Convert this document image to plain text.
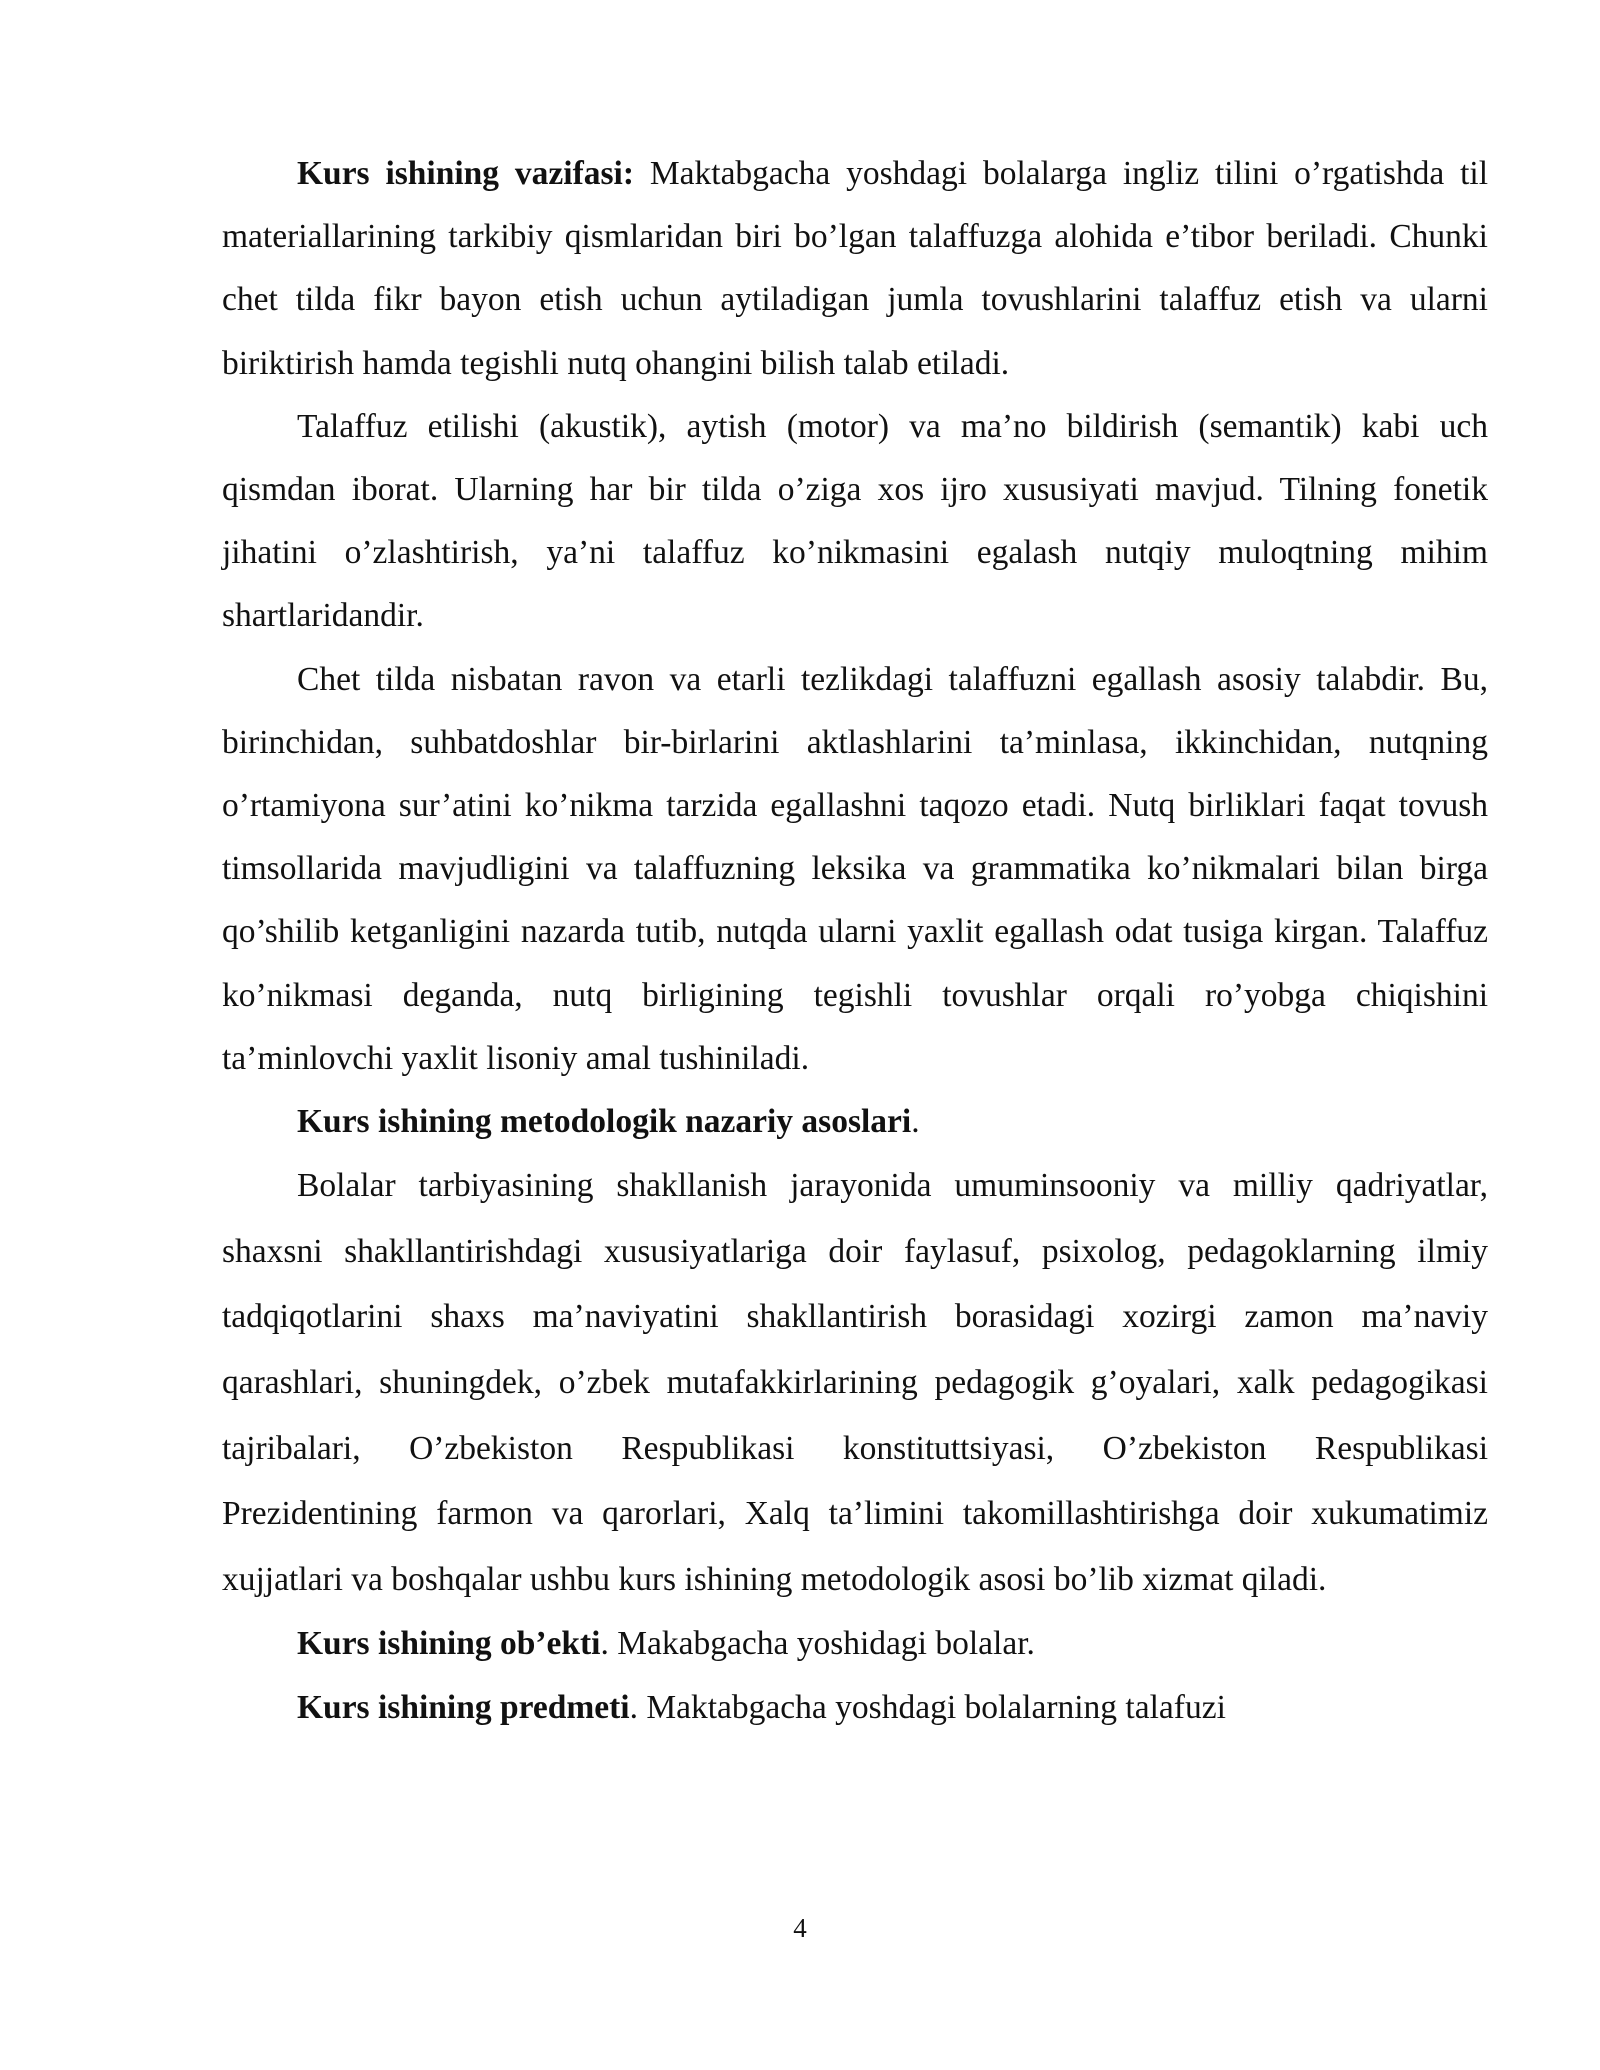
Kurs ishining vazifasi: Maktabgacha yoshdagi bolalarga ingliz tilini o’rgatishda til materiallarining tarkibiy qismlaridan biri bo’lgan talaffuzga alohida e’tibor beriladi. Chunki chet tilda fikr bayon etish uchun aytiladigan jumla tovushlarini talaffuz etish va ularni biriktirish hamda tegishli nutq ohangini bilish talab etiladi.

Talaffuz etilishi (akustik), aytish (motor) va ma’no bildirish (semantik) kabi uch qismdan iborat. Ularning har bir tilda o’ziga xos ijro xususiyati mavjud. Tilning fonetik jihatini o’zlashtirish, ya’ni talaffuz ko’nikmasini egalash nutqiy muloqtning mihim shartlaridandir.

Chet tilda nisbatan ravon va etarli tezlikdagi talaffuzni egallash asosiy talabdir. Bu, birinchidan, suhbatdoshlar bir-birlarini aktlashlarini ta’minlasa, ikkinchidan, nutqning o’rtamiyona sur’atini ko’nikma tarzida egallashni taqozo etadi. Nutq birliklari faqat tovush timsollarida mavjudligini va talaffuzning leksika va grammatika ko’nikmalari bilan birga qo’shilib ketganligini nazarda tutib, nutqda ularni yaxlit egallash odat tusiga kirgan. Talaffuz ko’nikmasi deganda, nutq birligining tegishli tovushlar orqali ro’yobga chiqishini ta’minlovchi yaxlit lisoniy amal tushiniladi.

Kurs ishining metodologik nazariy asoslari.

Bolalar tarbiyasining shakllanish jarayonida umuminsooniy va milliy qadriyatlar, shaxsni shakllantirishdagi xususiyatlariga doir faylasuf, psixolog, pedagoklarning ilmiy tadqiqotlarini shaxs ma’naviyatini shakllantirish borasidagi xozirgi zamon ma’naviy qarashlari, shuningdek, o’zbek mutafakkirlarining pedagogik g’oyalari, xalk pedagogikasi tajribalari, O’zbekiston Respublikasi konstituttsiyasi, O’zbekiston Respublikasi Prezidentining farmon va qarorlari, Xalq ta’limini takomillashtirishga doir xukumatimiz xujjatlari va boshqalar ushbu kurs ishining metodologik asosi bo’lib xizmat qiladi.

Kurs ishining ob’ekti. Makabgacha yoshidagi bolalar.

Kurs ishining predmeti. Maktabgacha yoshdagi bolalarning talafuzi

4
